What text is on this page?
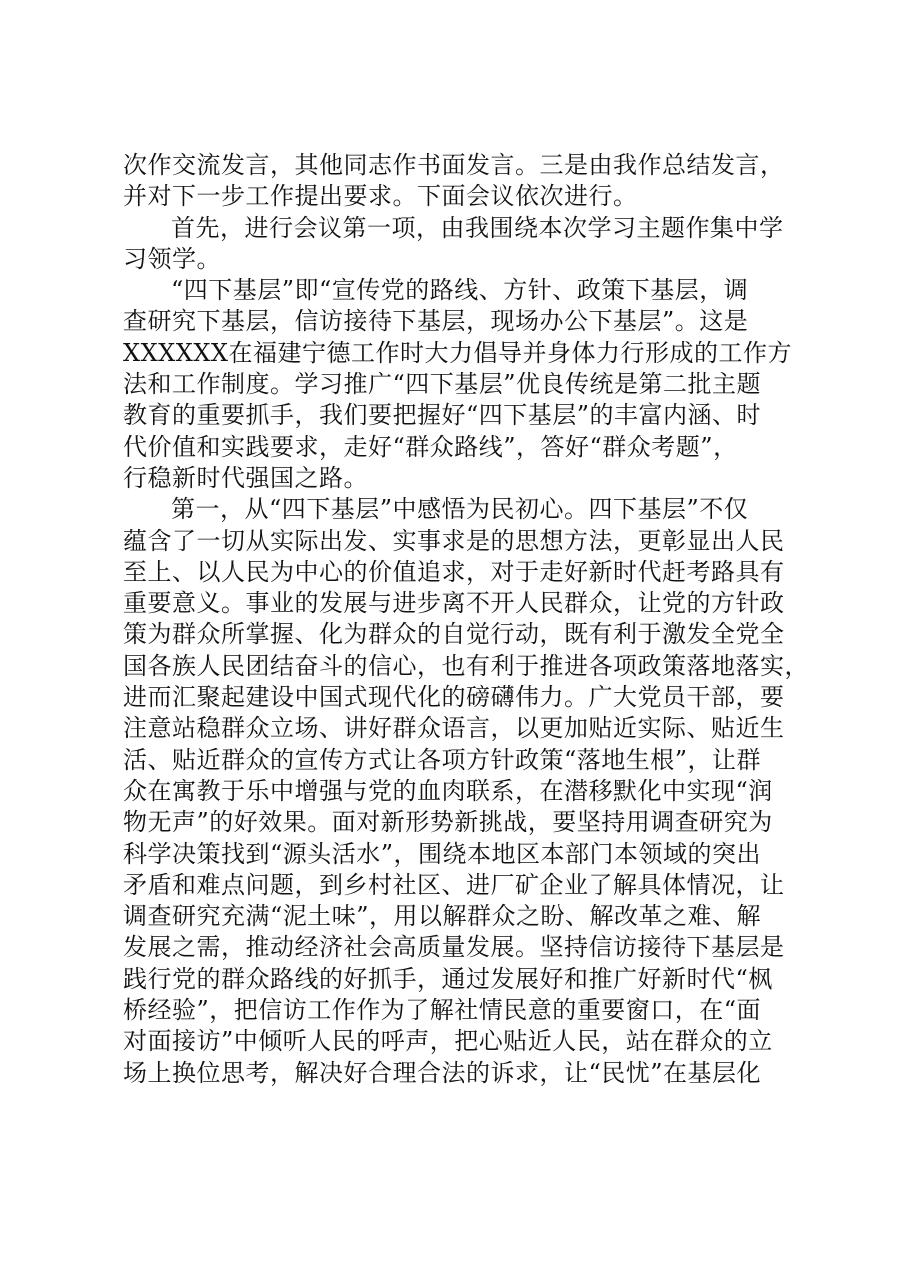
次作交流发言，其他同志作书面发言。三是由我作总结发言，
并对下一步工作提出要求。下面会议依次进行。
首先，进行会议第一项，由我围绕本次学习主题作集中学
习领学。
“四下基层”即“宣传党的路线、方针、政策下基层，调
查研究下基层，信访接待下基层，现场办公下基层”。这是
XXXXXX在福建宁德工作时大力倡导并身体力行形成的工作方
法和工作制度。学习推广“四下基层”优良传统是第二批主题
教育的重要抓手，我们要把握好“四下基层”的丰富内涵、时
代价值和实践要求，走好“群众路线”，答好“群众考题”，
行稳新时代强国之路。
第一，从“四下基层”中感悟为民初心。四下基层”不仅
蕴含了一切从实际出发、实事求是的思想方法，更彰显出人民
至上、以人民为中心的价值追求，对于走好新时代赶考路具有
重要意义。事业的发展与进步离不开人民群众，让党的方针政
策为群众所掌握、化为群众的自觉行动，既有利于激发全党全
国各族人民团结奋斗的信心，也有利于推进各项政策落地落实，
进而汇聚起建设中国式现代化的磅礴伟力。广大党员干部，要
注意站稳群众立场、讲好群众语言，以更加贴近实际、贴近生
活、贴近群众的宣传方式让各项方针政策“落地生根”，让群
众在寓教于乐中增强与党的血肉联系，在潜移默化中实现“润
物无声”的好效果。面对新形势新挑战，要坚持用调查研究为
科学决策找到“源头活水”，围绕本地区本部门本领域的突出
矛盾和难点问题，到乡村社区、进厂矿企业了解具体情况，让
调查研究充满“泥土味”，用以解群众之盼、解改革之难、解
发展之需，推动经济社会高质量发展。坚持信访接待下基层是
践行党的群众路线的好抓手，通过发展好和推广好新时代“枫
桥经验”，把信访工作作为了解社情民意的重要窗口，在“面
对面接访”中倾听人民的呼声，把心贴近人民，站在群众的立
场上换位思考，解决好合理合法的诉求，让“民忧”在基层化
